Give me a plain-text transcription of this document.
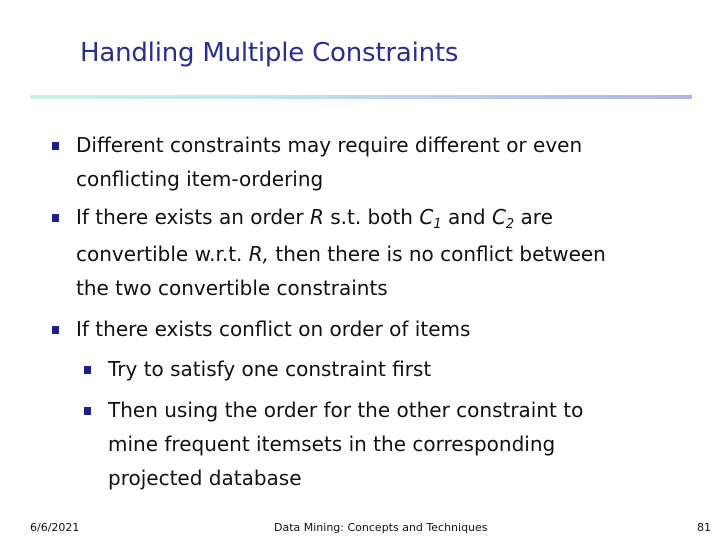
Handling Multiple Constraints
Different constraints may require different or even
conflicting item-ordering
If there exists an order R s.t. both $C_1$ and $C_2$ are
convertible w.r.t. R, then there is no conflict between
the two convertible constraints
If there exists conflict on order of items
Try to satisfy one constraint first
Then using the order for the other constraint to
mine frequent itemsets in the corresponding
projected database
6/6/2021	Data Mining: Concepts and Techniques	81
